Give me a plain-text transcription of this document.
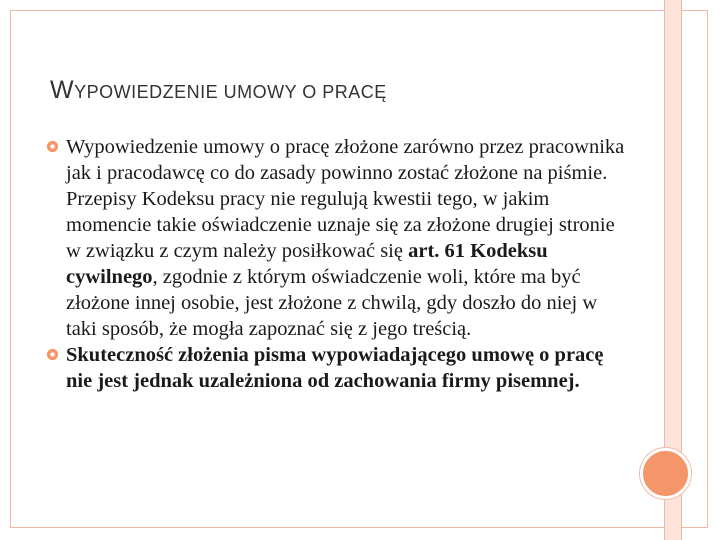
WYPOWIEDZENIE UMOWY O PRACĘ

Wypowiedzenie umowy o pracę złożone zarówno przez pracownika jak i pracodawcę co do zasady powinno zostać złożone na piśmie. Przepisy Kodeksu pracy nie regulują kwestii tego, w jakim momencie takie oświadczenie uznaje się za złożone drugiej stronie w związku z czym należy posiłkować się art. 61 Kodeksu cywilnego, zgodnie z którym oświadczenie woli, które ma być złożone innej osobie, jest złożone z chwilą, gdy doszło do niej w taki sposób, że mogła zapoznać się z jego treścią.

Skuteczność złożenia pisma wypowiadającego umowę o pracę nie jest jednak uzależniona od zachowania firmy pisemnej.
